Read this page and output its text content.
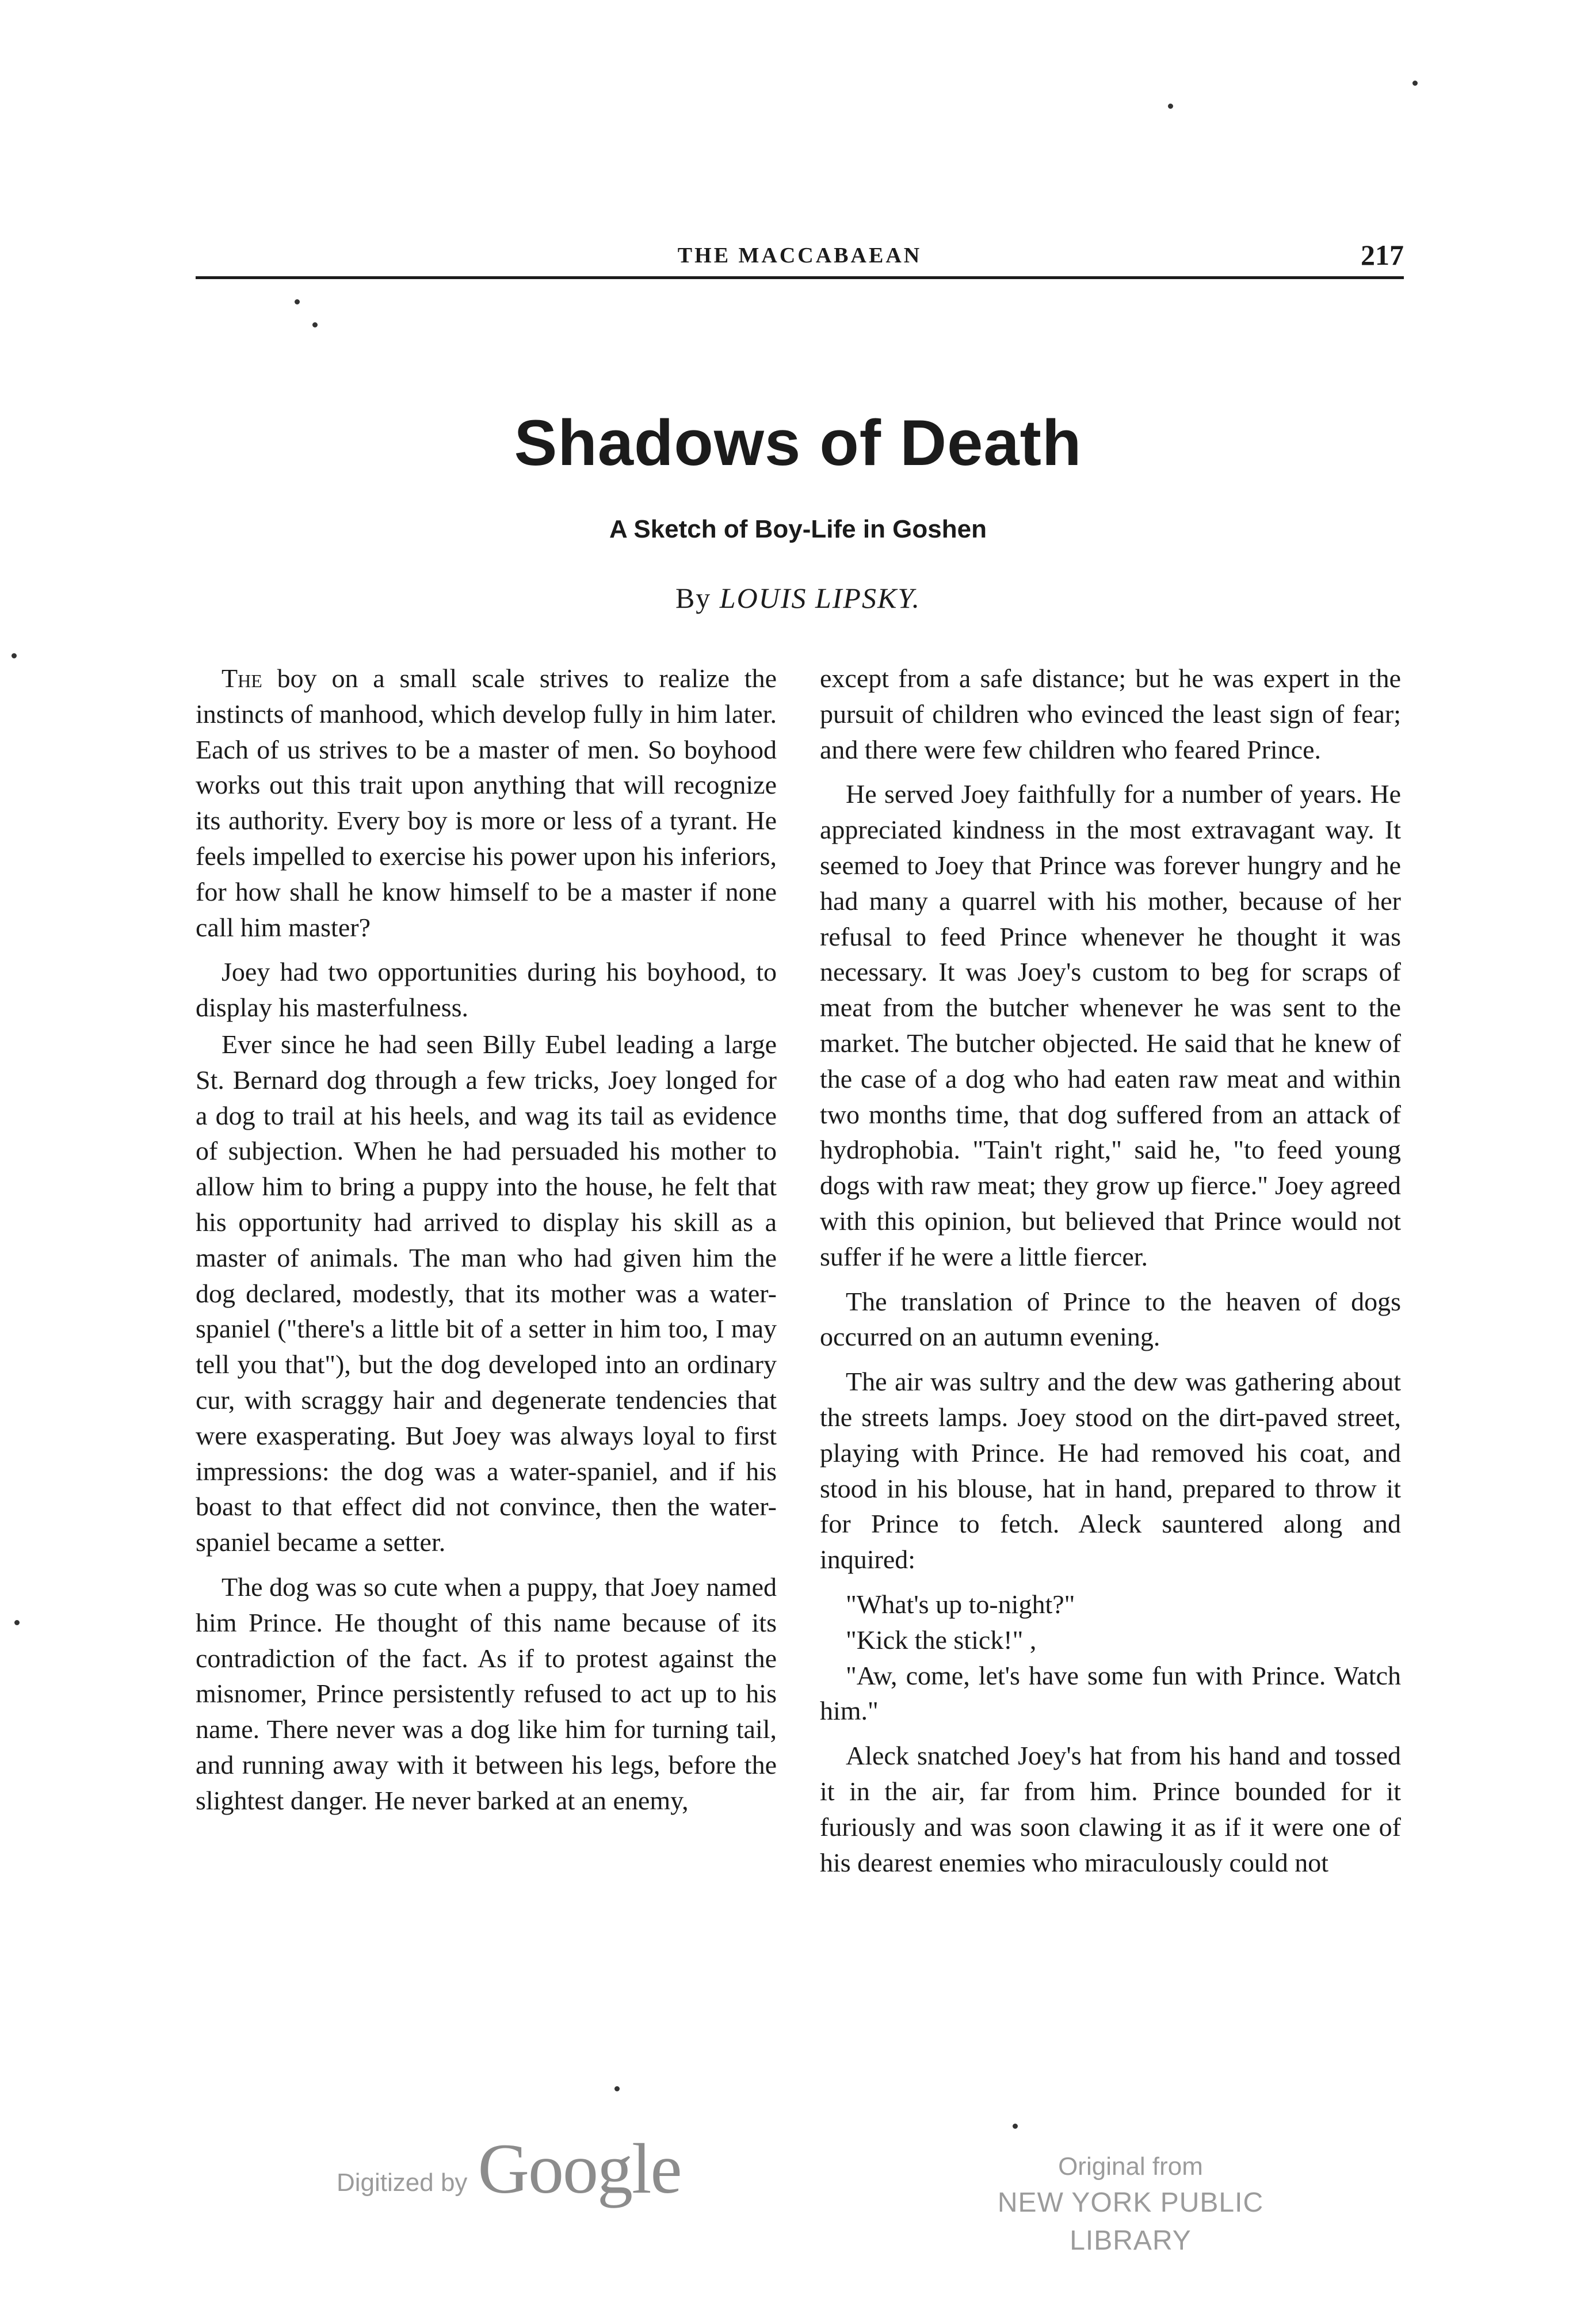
THE MACCABAEAN	217
Shadows of Death
A Sketch of Boy-Life in Goshen
By LOUIS LIPSKY.

The boy on a small scale strives to realize the instincts of manhood, which develop fully in him later. Each of us strives to be a master of men. So boyhood works out this trait upon anything that will recognize its authority. Every boy is more or less of a tyrant. He feels impelled to exercise his power upon his inferiors, for how shall he know himself to be a master if none call him master?

Joey had two opportunities during his boyhood, to display his masterfulness.

Ever since he had seen Billy Eubel leading a large St. Bernard dog through a few tricks, Joey longed for a dog to trail at his heels, and wag its tail as evidence of subjection. When he had persuaded his mother to allow him to bring a puppy into the house, he felt that his opportunity had arrived to display his skill as a master of animals. The man who had given him the dog declared, modestly, that its mother was a water-spaniel ("there's a little bit of a setter in him too, I may tell you that"), but the dog developed into an ordinary cur, with scraggy hair and degenerate tendencies that were exasperating. But Joey was always loyal to first impressions: the dog was a water-spaniel, and if his boast to that effect did not convince, then the water-spaniel became a setter.

The dog was so cute when a puppy, that Joey named him Prince. He thought of this name because of its contradiction of the fact. As if to protest against the misnomer, Prince persistently refused to act up to his name. There never was a dog like him for turning tail, and running away with it between his legs, before the slightest danger. He never barked at an enemy,

except from a safe distance; but he was expert in the pursuit of children who evinced the least sign of fear; and there were few children who feared Prince.

He served Joey faithfully for a number of years. He appreciated kindness in the most extravagant way. It seemed to Joey that Prince was forever hungry and he had many a quarrel with his mother, because of her refusal to feed Prince whenever he thought it was necessary. It was Joey's custom to beg for scraps of meat from the butcher whenever he was sent to the market. The butcher objected. He said that he knew of the case of a dog who had eaten raw meat and within two months time, that dog suffered from an attack of hydrophobia. "Tain't right," said he, "to feed young dogs with raw meat; they grow up fierce." Joey agreed with this opinion, but believed that Prince would not suffer if he were a little fiercer.

The translation of Prince to the heaven of dogs occurred on an autumn evening.

The air was sultry and the dew was gathering about the streets lamps. Joey stood on the dirt-paved street, playing with Prince. He had removed his coat, and stood in his blouse, hat in hand, prepared to throw it for Prince to fetch. Aleck sauntered along and inquired:

"What's up to-night?"

"Kick the stick!" ,

"Aw, come, let's have some fun with Prince. Watch him."

Aleck snatched Joey's hat from his hand and tossed it in the air, far from him. Prince bounded for it furiously and was soon clawing it as if it were one of his dearest enemies who miraculously could not

Digitized by Google	Original from
NEW YORK PUBLIC LIBRARY
